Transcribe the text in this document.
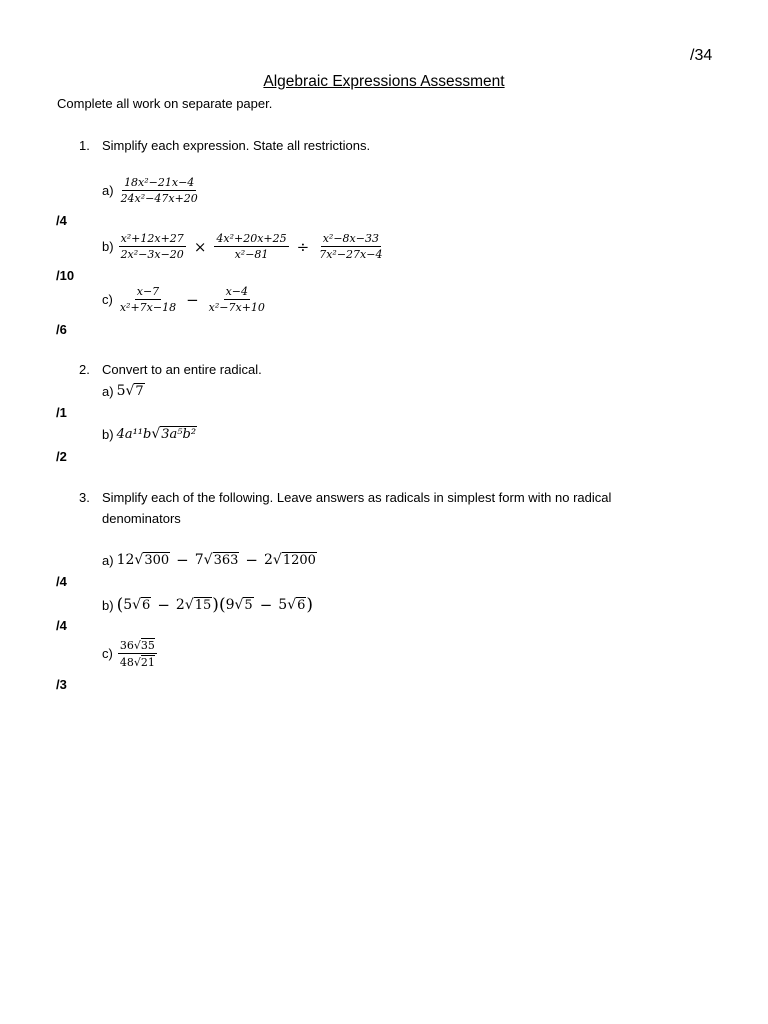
/34
Algebraic Expressions Assessment
Complete all work on separate paper.
1. Simplify each expression. State all restrictions.
$a) \frac{\text{18x²−21x−4}}{\text{24x²−47x+20}}$
/4
$b) \frac{\text{x²+12x+27}}{\text{2x²−3x−20}} \times \frac{\text{4x²+20x+25}}{\text{x²−81}} \div \frac{\text{x²−8x−33}}{\text{7x²−27x−4}}$
/10
$c) \frac{x-7}{\text{x²+7x−18}} - \frac{x-4}{\text{x²−7x+10}}$
/6
2. Convert to an entire radical.
a) 5 √ 7
/1
b) 4a¹¹b √ 3a⁵b²
/2
3. Simplify each of the following. Leave answers as radicals in simplest form with no radical
denominators
a) 12 √ 300 − 7 √ 363 − 2 √ 1200
/4
b) ( 5 √ 6 − 2 √ 15 ) ( 9 √ 5 − 5 √ 6 )
/4
$c) \frac{36 √ 35}{48 √ 21}$
/3
